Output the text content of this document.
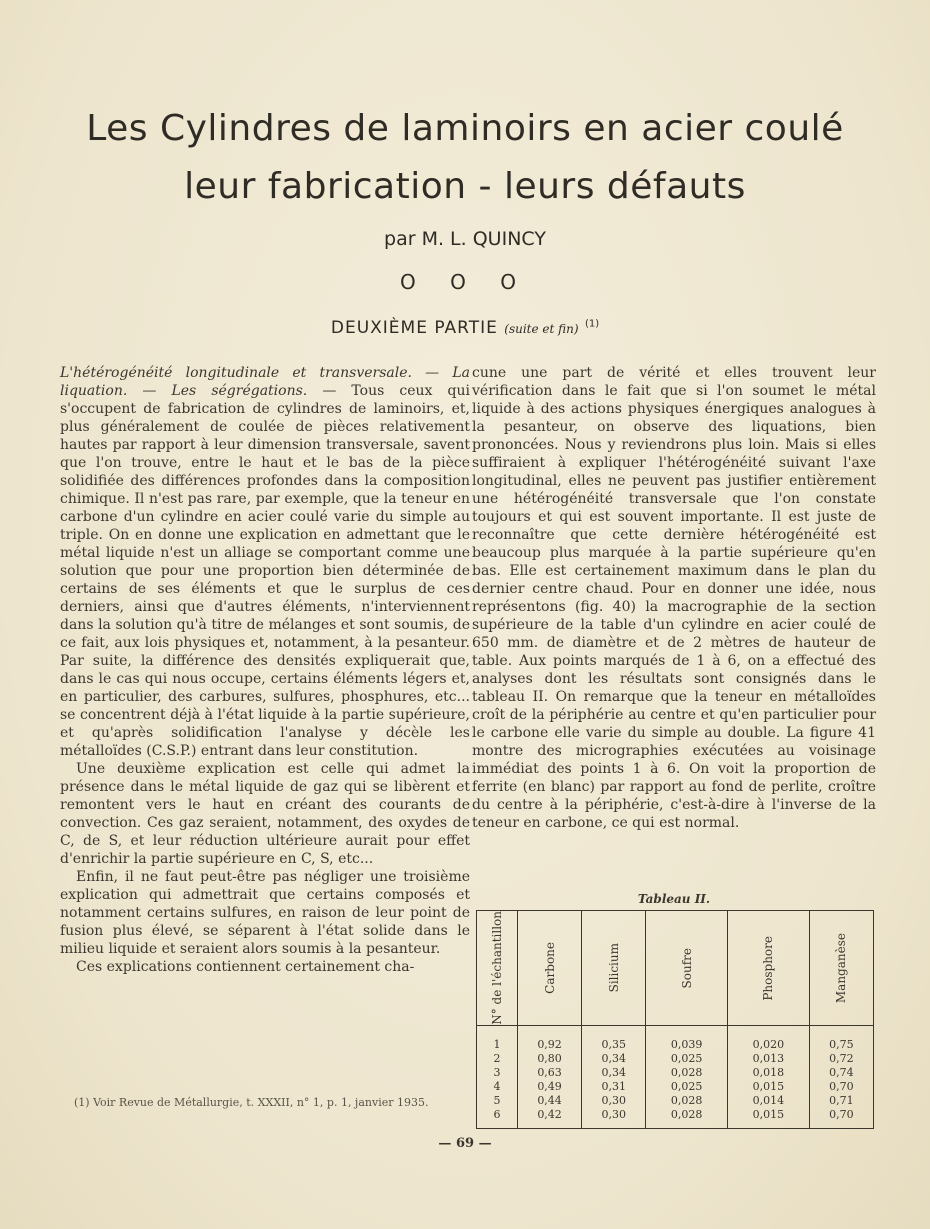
Les Cylindres de laminoirs en acier coulé
leur fabrication - leurs défauts
par M. L. QUINCY
O O O
DEUXIÈME PARTIE (suite et fin) $^{(1)}$

L'hétérogénéité longitudinale et transversale. — La liquation. — Les ségrégations. — Tous ceux qui s'occupent de fabrication de cylindres de laminoirs, et, plus généralement de coulée de pièces relativement hautes par rapport à leur dimension transversale, savent que l'on trouve, entre le haut et le bas de la pièce solidifiée des différences profondes dans la composition chimique. Il n'est pas rare, par exemple, que la teneur en carbone d'un cylindre en acier coulé varie du simple au triple. On en donne une explication en admettant que le métal liquide n'est un alliage se comportant comme une solution que pour une proportion bien déterminée de certains de ses éléments et que le surplus de ces derniers, ainsi que d'autres éléments, n'interviennent dans la solution qu'à titre de mélanges et sont soumis, de ce fait, aux lois physiques et, notamment, à la pesanteur. Par suite, la différence des densités expliquerait que, dans le cas qui nous occupe, certains éléments légers et, en particulier, des carbures, sulfures, phosphures, etc... se concentrent déjà à l'état liquide à la partie supérieure, et qu'après solidification l'analyse y décèle les métalloïdes (C.S.P.) entrant dans leur constitution.

Une deuxième explication est celle qui admet la présence dans le métal liquide de gaz qui se libèrent et remontent vers le haut en créant des courants de convection. Ces gaz seraient, notamment, des oxydes de C, de S, et leur réduction ultérieure aurait pour effet d'enrichir la partie supérieure en C, S, etc...

Enfin, il ne faut peut-être pas négliger une troisième explication qui admettrait que certains composés et notamment certains sulfures, en raison de leur point de fusion plus élevé, se séparent à l'état solide dans le milieu liquide et seraient alors soumis à la pesanteur.

Ces explications contiennent certainement cha-

(1) Voir Revue de Métallurgie, t. XXXII, n° 1, p. 1, janvier 1935.

cune une part de vérité et elles trouvent leur vérification dans le fait que si l'on soumet le métal liquide à des actions physiques énergiques analogues à la pesanteur, on observe des liquations, bien prononcées. Nous y reviendrons plus loin. Mais si elles suffiraient à expliquer l'hétérogénéité suivant l'axe longitudinal, elles ne peuvent pas justifier entièrement une hétérogénéité transversale que l'on constate toujours et qui est souvent importante. Il est juste de reconnaître que cette dernière hétérogénéité est beaucoup plus marquée à la partie supérieure qu'en bas. Elle est certainement maximum dans le plan du dernier centre chaud. Pour en donner une idée, nous représentons (fig. 40) la macrographie de la section supérieure de la table d'un cylindre en acier coulé de 650 mm. de diamètre et de 2 mètres de hauteur de table. Aux points marqués de 1 à 6, on a effectué des analyses dont les résultats sont consignés dans le tableau II. On remarque que la teneur en métalloïdes croît de la périphérie au centre et qu'en particulier pour le carbone elle varie du simple au double. La figure 41 montre des micrographies exécutées au voisinage immédiat des points 1 à 6. On voit la proportion de ferrite (en blanc) par rapport au fond de perlite, croître du centre à la périphérie, c'est-à-dire à l'inverse de la teneur en carbone, ce qui est normal.

Tableau II.
N° de l'échantillon	Carbone	Silicium	Soufre	Phosphore	Manganèse

1	0,92	0,35	0,039	0,020	0,75
2	0,80	0,34	0,025	0,013	0,72
3	0,63	0,34	0,028	0,018	0,74
4	0,49	0,31	0,025	0,015	0,70
5	0,44	0,30	0,028	0,014	0,71
6	0,42	0,30	0,028	0,015	0,70
— 69 —
